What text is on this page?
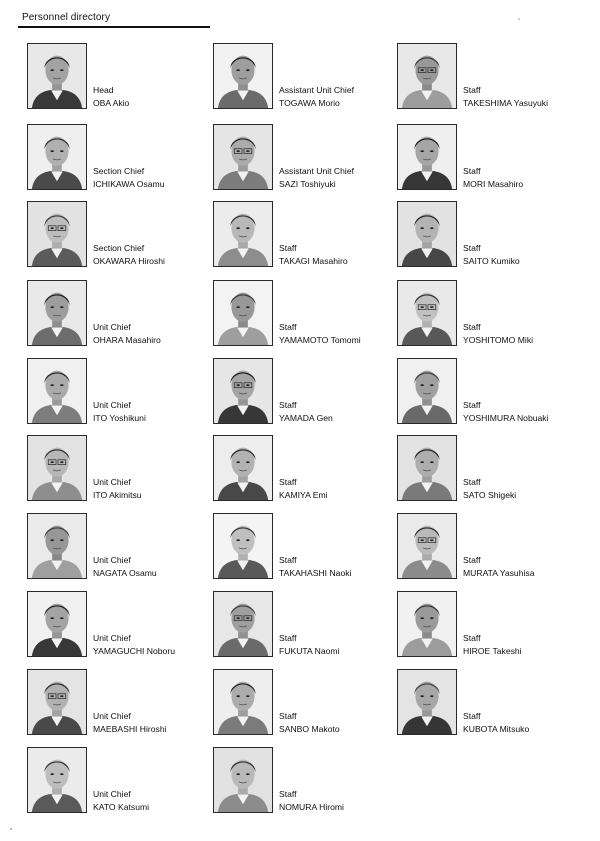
Personnel directory
Head
OBA Akio
Section Chief
ICHIKAWA Osamu
Section Chief
OKAWARA Hiroshi
Unit Chief
OHARA Masahiro
Unit Chief
ITO Yoshikuni
Unit Chief
ITO Akimitsu
Unit Chief
NAGATA Osamu
Unit Chief
YAMAGUCHI Noboru
Unit Chief
MAEBASHI Hiroshi
Unit Chief
KATO Katsumi
Assistant Unit Chief
TOGAWA Morio
Assistant Unit Chief
SAZI Toshiyuki
Staff
TAKAGI Masahiro
Staff
YAMAMOTO Tomomi
Staff
YAMADA Gen
Staff
KAMIYA Emi
Staff
TAKAHASHI Naoki
Staff
FUKUTA Naomi
Staff
SANBO Makoto
Staff
NOMURA Hiromi
Staff
TAKESHIMA Yasuyuki
Staff
MORI Masahiro
Staff
SAITO Kumiko
Staff
YOSHITOMO Miki
Staff
YOSHIMURA Nobuaki
Staff
SATO Shigeki
Staff
MURATA Yasuhisa
Staff
HIROE Takeshi
Staff
KUBOTA Mitsuko
